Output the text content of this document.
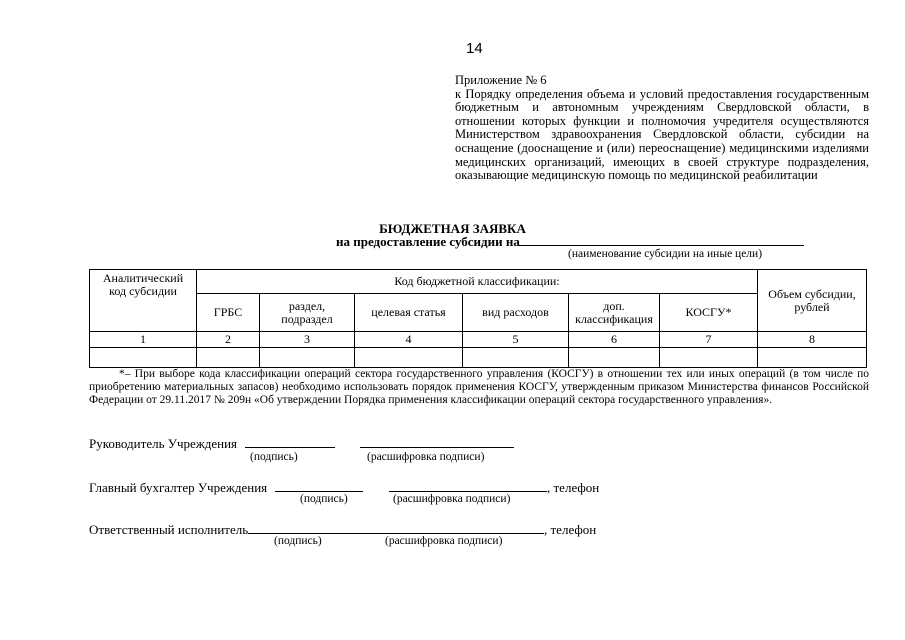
14
Приложение № 6
к Порядку определения объема и условий предоставления государственным бюджетным и автономным учреждениям Свердловской области, в отношении которых функции и полномочия учредителя осуществляются Министерством здравоохранения Свердловской области, субсидии на оснащение (дооснащение и (или) переоснащение) медицинскими изделиями медицинских организаций, имеющих в своей структуре подразделения, оказывающие медицинскую помощь по медицинской реабилитации
БЮДЖЕТНАЯ ЗАЯВКА
на предоставление субсидии на
(наименование субсидии на иные цели)
Аналитический код субсидии	Код бюджетной классификации:						Объем субсидии, рублей
	ГРБС	раздел, подраздел	целевая статья	вид расходов	доп. классификация	КОСГУ*	
1	2	3	4	5	6	7	8

*– При выборе кода классификации операций сектора государственного управления (КОСГУ) в отношении тех или иных операций (в том числе по приобретению материальных запасов) необходимо использовать порядок применения КОСГУ, утвержденным приказом Министерства финансов Российской Федерации от 29.11.2017 № 209н «Об утверждении Порядка применения классификации операций сектора государственного управления».
Руководитель Учреждения
(подпись)	(расшифровка подписи)
Главный бухгалтер Учреждения	, телефон
(подпись)	(расшифровка подписи)
Ответственный исполнитель	, телефон
(подпись)	(расшифровка подписи)
